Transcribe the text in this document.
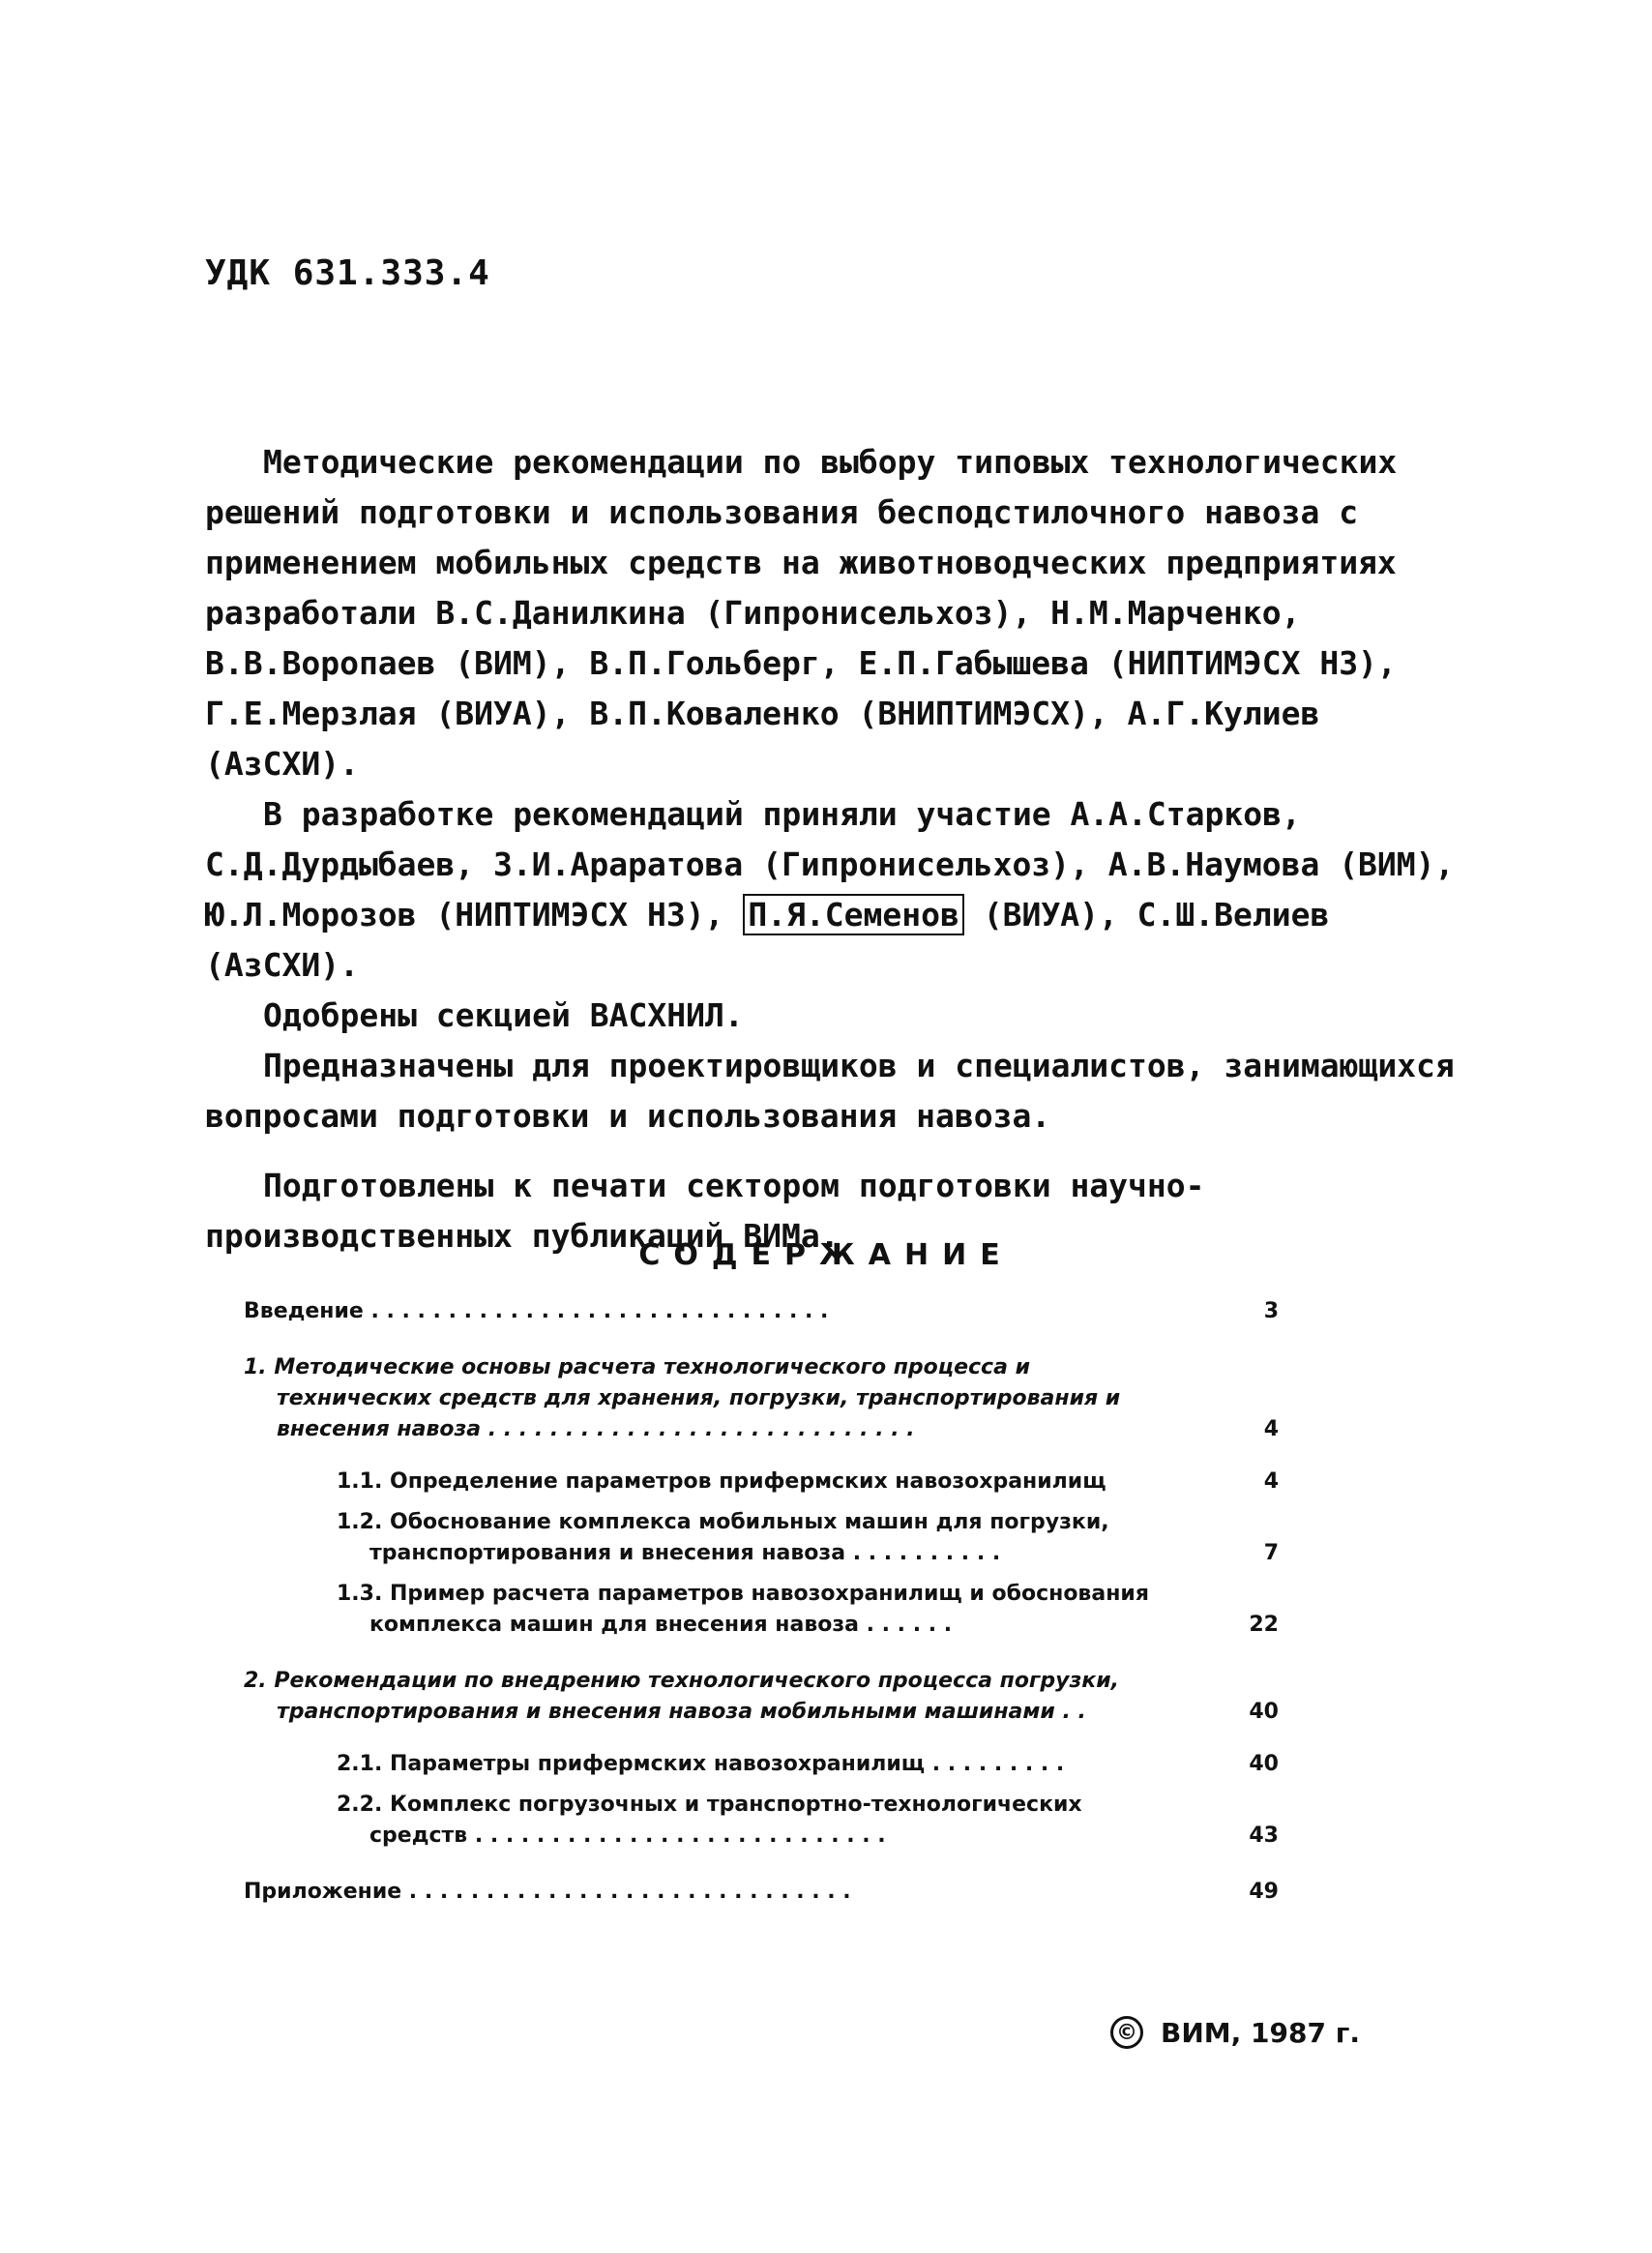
УДК 631.333.4

Методические рекомендации по выбору типовых технологических решений подготовки и использования бесподстилочного навоза с применением мобильных средств на животноводческих предприятиях разработали В.С.Данилкина (Гипронисельхоз), Н.М.Марченко, В.В.Воропаев (ВИМ), В.П.Гольберг, Е.П.Габышева (НИПТИМЭСХ НЗ), Г.Е.Мерзлая (ВИУА), В.П.Коваленко (ВНИПТИМЭСХ), А.Г.Кулиев (АзСХИ).

В разработке рекомендаций приняли участие А.А.Старков, С.Д.Дурдыбаев, З.И.Араратова (Гипронисельхоз), А.В.Наумова (ВИМ), Ю.Л.Морозов (НИПТИМЭСХ НЗ), П.Я.Семенов (ВИУА), С.Ш.Велиев (АзСХИ).

Одобрены секцией ВАСХНИЛ.

Предназначены для проектировщиков и специалистов, занимающихся вопросами подготовки и использования навоза.

Подготовлены к печати сектором подготовки научно-производственных публикаций ВИМа.

СОДЕРЖАНИЕ
Введение . . . . . . . . . . . . . . . . . . . . . . . . . . . . . .	3
1. Методические основы расчета технологического процесса и технических средств для хранения, погрузки, транспортирования и внесения навоза . . . . . . . . . . . . . . . . . . . . . . . . . . . .	4
1.1. Определение параметров прифермских навозохранилищ	4
1.2. Обоснование комплекса мобильных машин для погрузки, транспортирования и внесения навоза . . . . . . . . . .	7
1.3. Пример расчета параметров навозохранилищ и обоснования комплекса машин для внесения навоза . . . . . .	22
2. Рекомендации по внедрению технологического процесса погрузки, транспортирования и внесения навоза мобильными машинами . .	40
2.1. Параметры прифермских навозохранилищ . . . . . . . . .	40
2.2. Комплекс погрузочных и транспортно-технологических средств . . . . . . . . . . . . . . . . . . . . . . . . . . .	43
Приложение . . . . . . . . . . . . . . . . . . . . . . . . . . . . .	49
© ВИМ, 1987 г.
